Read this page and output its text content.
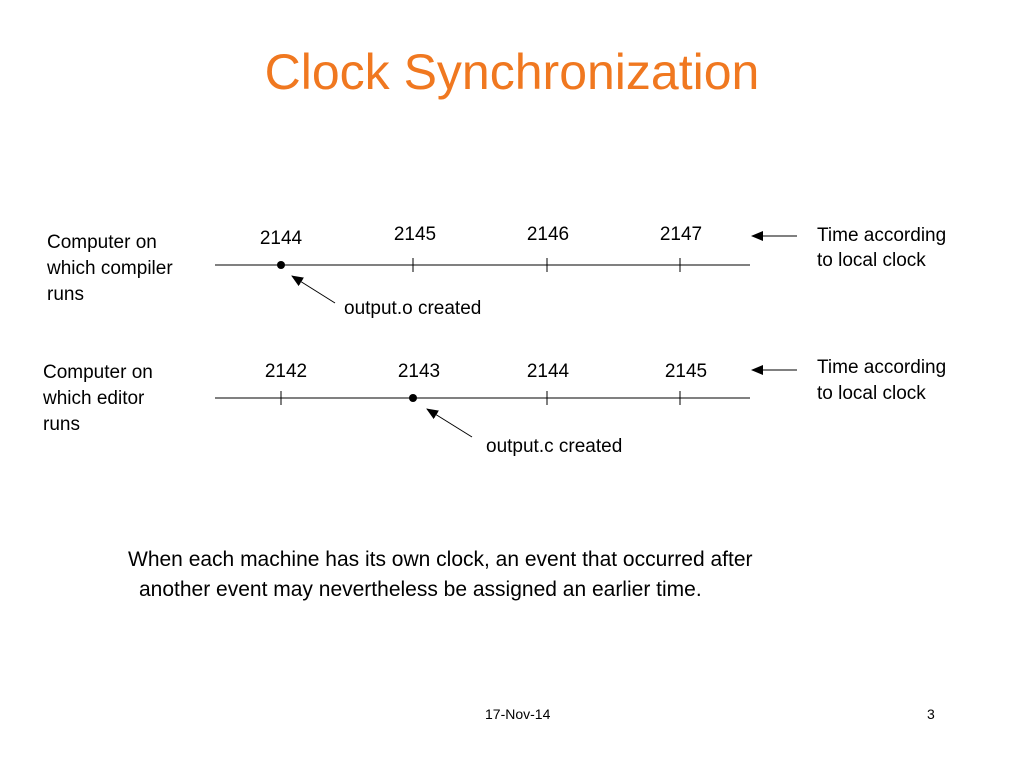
Clock Synchronization
Computer on
which compiler
runs
2144	2145	2146	2147
output.o created
Time according
to local clock
Computer on
which editor
runs
2142	2143	2144	2145
output.c created
Time according
to local clock
When each machine has its own clock, an event that occurred after
another event may nevertheless be assigned an earlier time.
17-Nov-14	3
